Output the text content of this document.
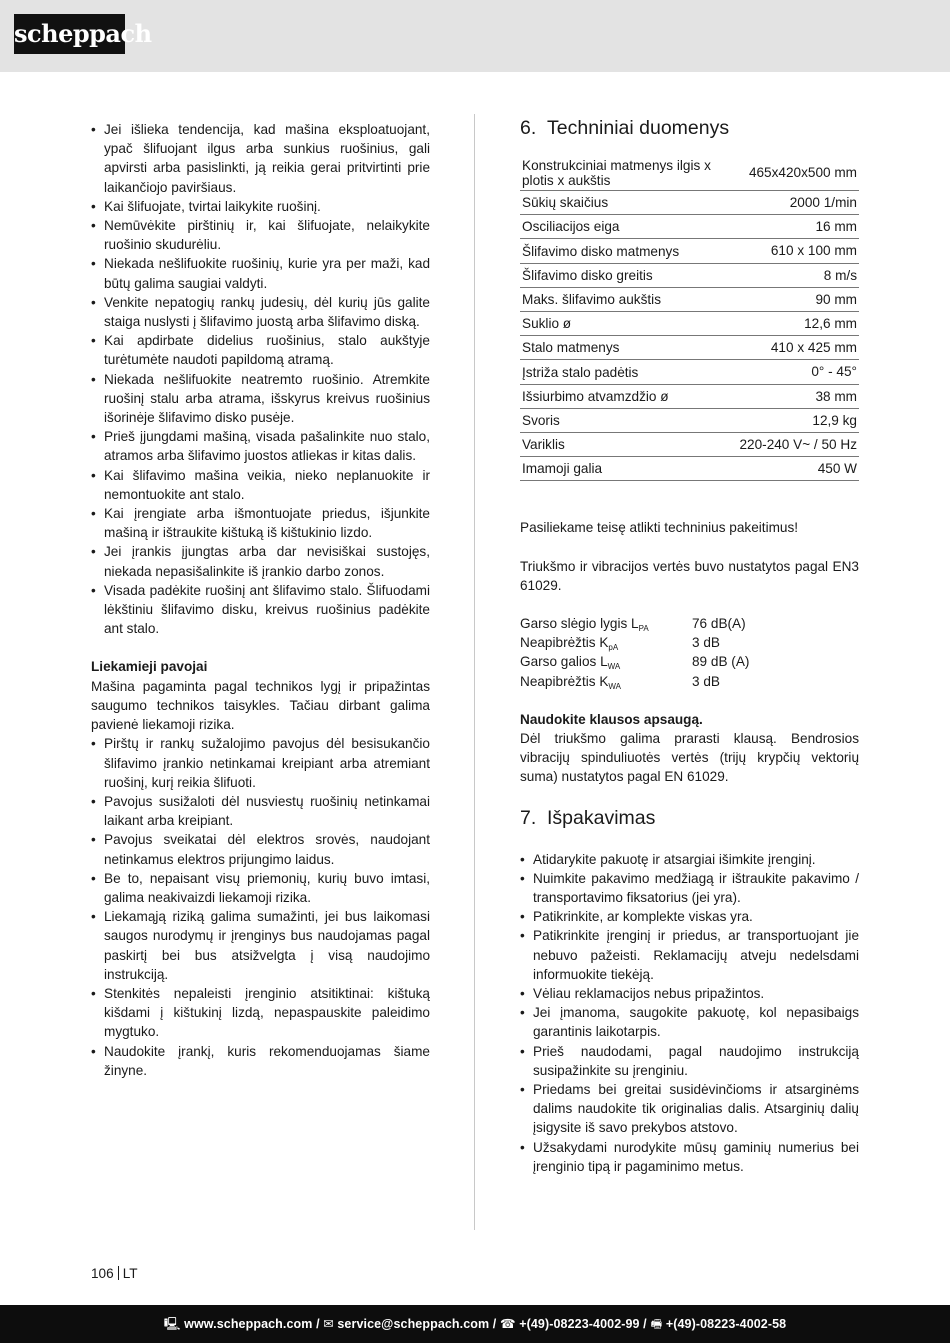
scheppach
• Jei išlieka tendencija, kad mašina eksploatuojant, ypač šlifuojant ilgus arba sunkius ruošinius, gali apvirsti arba pasislinkti, ją reikia gerai pritvirtinti prie laikančiojo paviršiaus.
• Kai šlifuojate, tvirtai laikykite ruošinį.
• Nemūvėkite pirštinių ir, kai šlifuojate, nelaikykite ruošinio skudurėliu.
• Niekada nešlifuokite ruošinių, kurie yra per maži, kad būtų galima saugiai valdyti.
• Venkite nepatogių rankų judesių, dėl kurių jūs galite staiga nuslysti į šlifavimo juostą arba šlifavimo diską.
• Kai apdirbate didelius ruošinius, stalo aukštyje turėtumėte naudoti papildomą atramą.
• Niekada nešlifuokite neatremto ruošinio. Atremkite ruošinį stalu arba atrama, išskyrus kreivus ruošinius išorinėje šlifavimo disko pusėje.
• Prieš įjungdami mašiną, visada pašalinkite nuo stalo, atramos arba šlifavimo juostos atliekas ir kitas dalis.
• Kai šlifavimo mašina veikia, nieko neplanuokite ir nemontuokite ant stalo.
• Kai įrengiate arba išmontuojate priedus, išjunkite mašiną ir ištraukite kištuką iš kištukinio lizdo.
• Jei įrankis įjungtas arba dar nevisiškai sustojęs, niekada nepasišalinkite iš įrankio darbo zonos.
• Visada padėkite ruošinį ant šlifavimo stalo. Šlifuodami lėkštiniu šlifavimo disku, kreivus ruošinius padėkite ant stalo.

Liekamieji pavojai

Mašina pagaminta pagal technikos lygį ir pripažintas saugumo technikos taisykles. Tačiau dirbant galima pavienė liekamoji rizika.

• Pirštų ir rankų sužalojimo pavojus dėl besisukančio šlifavimo įrankio netinkamai kreipiant arba atremiant ruošinį, kurį reikia šlifuoti.
• Pavojus susižaloti dėl nusviestų ruošinių netinkamai laikant arba kreipiant.
• Pavojus sveikatai dėl elektros srovės, naudojant netinkamus elektros prijungimo laidus.
• Be to, nepaisant visų priemonių, kurių buvo imtasi, galima neakivaizdi liekamoji rizika.
• Liekamąją riziką galima sumažinti, jei bus laikomasi saugos nurodymų ir įrenginys bus naudojamas pagal paskirtį bei bus atsižvelgta į visą naudojimo instrukciją.
• Stenkitės nepaleisti įrenginio atsitiktinai: kištuką kišdami į kištukinį lizdą, nepaspauskite paleidimo mygtuko.
• Naudokite įrankį, kuris rekomenduojamas šiame žinyne.
6. Techniniai duomenys
Konstrukciniai matmenys ilgis x plotis x aukštis	465x420x500 mm
Sūkių skaičius	2000 1/min
Osciliacijos eiga	16 mm
Šlifavimo disko matmenys	610 x 100 mm
Šlifavimo disko greitis	8 m/s
Maks. šlifavimo aukštis	90 mm
Suklio ø	12,6 mm
Stalo matmenys	410 x 425 mm
Įstriža stalo padėtis	0° - 45°
Išsiurbimo atvamzdžio ø	38 mm
Svoris	12,9 kg
Variklis	220-240 V~ / 50 Hz
Imamoji galia	450 W

Pasiliekame teisę atlikti techninius pakeitimus!

Triukšmo ir vibracijos vertės buvo nustatytos pagal EN3 61029.

Garso slėgio lygis $L_{PA}$	76 dB(A)
Neapibrėžtis $K_{pA}$	3 dB
Garso galios $L_{WA}$	89 dB (A)
Neapibrėžtis $K_{WA}$	3 dB

Naudokite klausos apsaugą.

Dėl triukšmo galima prarasti klausą. Bendrosios vibracijų spinduliuotės vertės (trijų krypčių vektorių suma) nustatytos pagal EN 61029.

7. Išpakavimas
• Atidarykite pakuotę ir atsargiai išimkite įrenginį.
• Nuimkite pakavimo medžiagą ir ištraukite pakavimo / transportavimo fiksatorius (jei yra).
• Patikrinkite, ar komplekte viskas yra.
• Patikrinkite įrenginį ir priedus, ar transportuojant jie nebuvo pažeisti. Reklamacijų atveju nedelsdami informuokite tiekėją.
• Vėliau reklamacijos nebus pripažintos.
• Jei įmanoma, saugokite pakuotę, kol nepasibaigs garantinis laikotarpis.
• Prieš naudodami, pagal naudojimo instrukciją susipažinkite su įrenginiu.
• Priedams bei greitai susidėvinčioms ir atsarginėms dalims naudokite tik originalias dalis. Atsarginių dalių įsigysite iš savo prekybos atstovo.
• Užsakydami nurodykite mūsų gaminių numerius bei įrenginio tipą ir pagaminimo metus.
106 LT
🖳 www.scheppach.com / ✉ service@scheppach.com / ☎ +(49)-08223-4002-99 / 🖷 +(49)-08223-4002-58
